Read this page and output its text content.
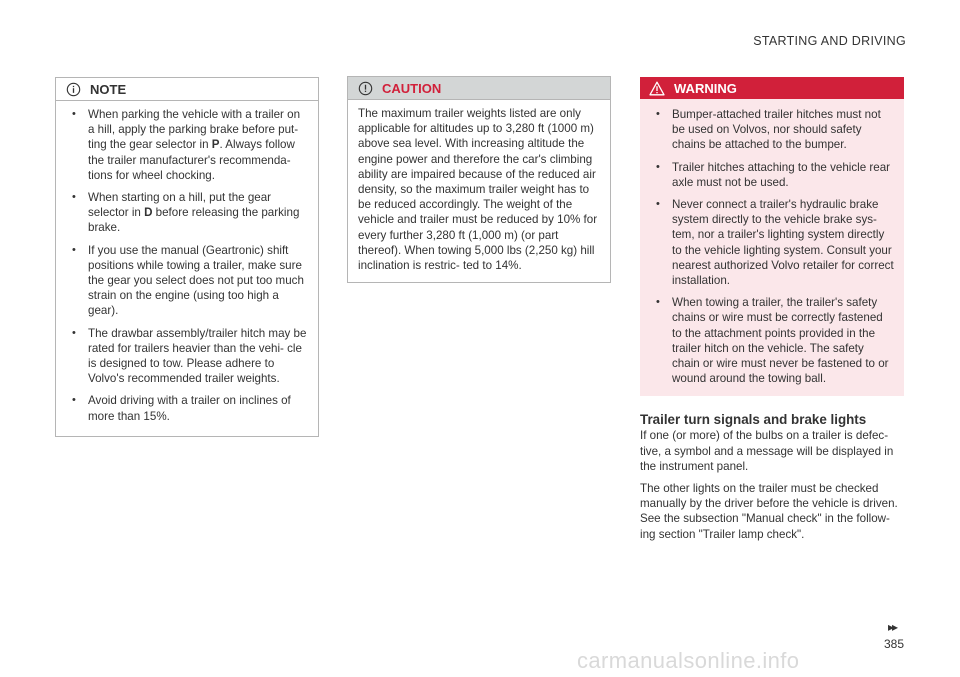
STARTING AND DRIVING
NOTE
• When parking the vehicle with a trailer on a hill, apply the parking brake before put- ting the gear selector in P. Always follow the trailer manufacturer's recommenda- tions for wheel chocking.
• When starting on a hill, put the gear selector in D before releasing the parking brake.
• If you use the manual (Geartronic) shift positions while towing a trailer, make sure the gear you select does not put too much strain on the engine (using too high a gear).
• The drawbar assembly/trailer hitch may be rated for trailers heavier than the vehi- cle is designed to tow. Please adhere to Volvo's recommended trailer weights.
• Avoid driving with a trailer on inclines of more than 15%.
CAUTION
The maximum trailer weights listed are only applicable for altitudes up to 3,280 ft (1000 m) above sea level. With increasing altitude the engine power and therefore the car's climbing ability are impaired because of the reduced air density, so the maximum trailer weight has to be reduced accordingly. The weight of the vehicle and trailer must be reduced by 10% for every further 3,280 ft (1,000 m) (or part thereof). When towing 5,000 lbs (2,250 kg) hill inclination is restric- ted to 14%.
WARNING
• Bumper-attached trailer hitches must not be used on Volvos, nor should safety chains be attached to the bumper.
• Trailer hitches attaching to the vehicle rear axle must not be used.
• Never connect a trailer's hydraulic brake system directly to the vehicle brake sys- tem, nor a trailer's lighting system directly to the vehicle lighting system. Consult your nearest authorized Volvo retailer for correct installation.
• When towing a trailer, the trailer's safety chains or wire must be correctly fastened to the attachment points provided in the trailer hitch on the vehicle. The safety chain or wire must never be fastened to or wound around the towing ball.
Trailer turn signals and brake lights

If one (or more) of the bulbs on a trailer is defec- tive, a symbol and a message will be displayed in the instrument panel.

The other lights on the trailer must be checked manually by the driver before the vehicle is driven. See the subsection "Manual check" in the follow- ing section "Trailer lamp check".

▸▸
385
carmanualsonline.info
